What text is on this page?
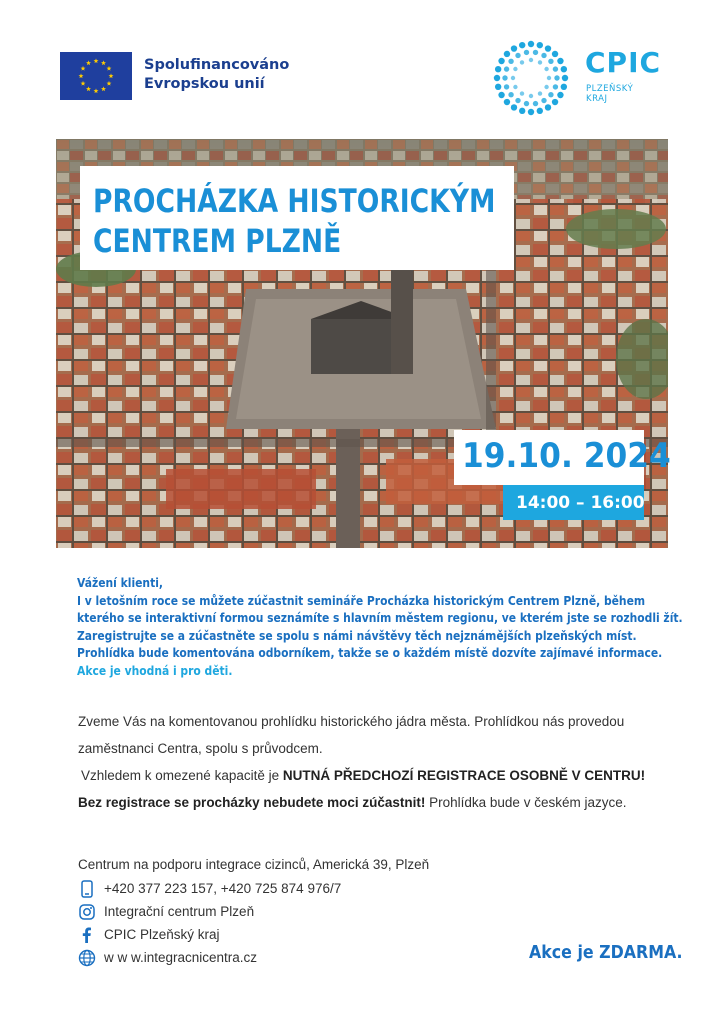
Spolufinancováno
Evropskou unií
CPIC
PLZEŇSKÝ
KRAJ
PROCHÁZKA HISTORICKÝM
CENTREM PLZNĚ
19.10. 2024
14:00 – 16:00
Vážení klienti,
I v letošním roce se můžete zúčastnit semináře Procházka historickým Centrem Plzně, během
kterého se interaktivní formou seznámíte s hlavním městem regionu, ve kterém jste se rozhodli žít.
Zaregistrujte se a zúčastněte se spolu s námi návštěvy těch nejznámějších plzeňských míst.
Prohlídka bude komentována odborníkem, takže se o každém místě dozvíte zajímavé informace.
Akce je vhodná i pro děti.
Zveme Vás na komentovanou prohlídku historického jádra města. Prohlídkou nás provedou
zaměstnanci Centra, spolu s průvodcem.
Vzhledem k omezené kapacitě je NUTNÁ PŘEDCHOZÍ REGISTRACE OSOBNĚ V CENTRU!
Bez registrace se procházky nebudete moci zúčastnit! Prohlídka bude v českém jazyce.
Centrum na podporu integrace cizinců, Americká 39, Plzeň
+420 377 223 157, +420 725 874 976/7
Integrační centrum Plzeň
CPIC Plzeňský kraj
w w w.integracnicentra.cz	Akce je ZDARMA.
